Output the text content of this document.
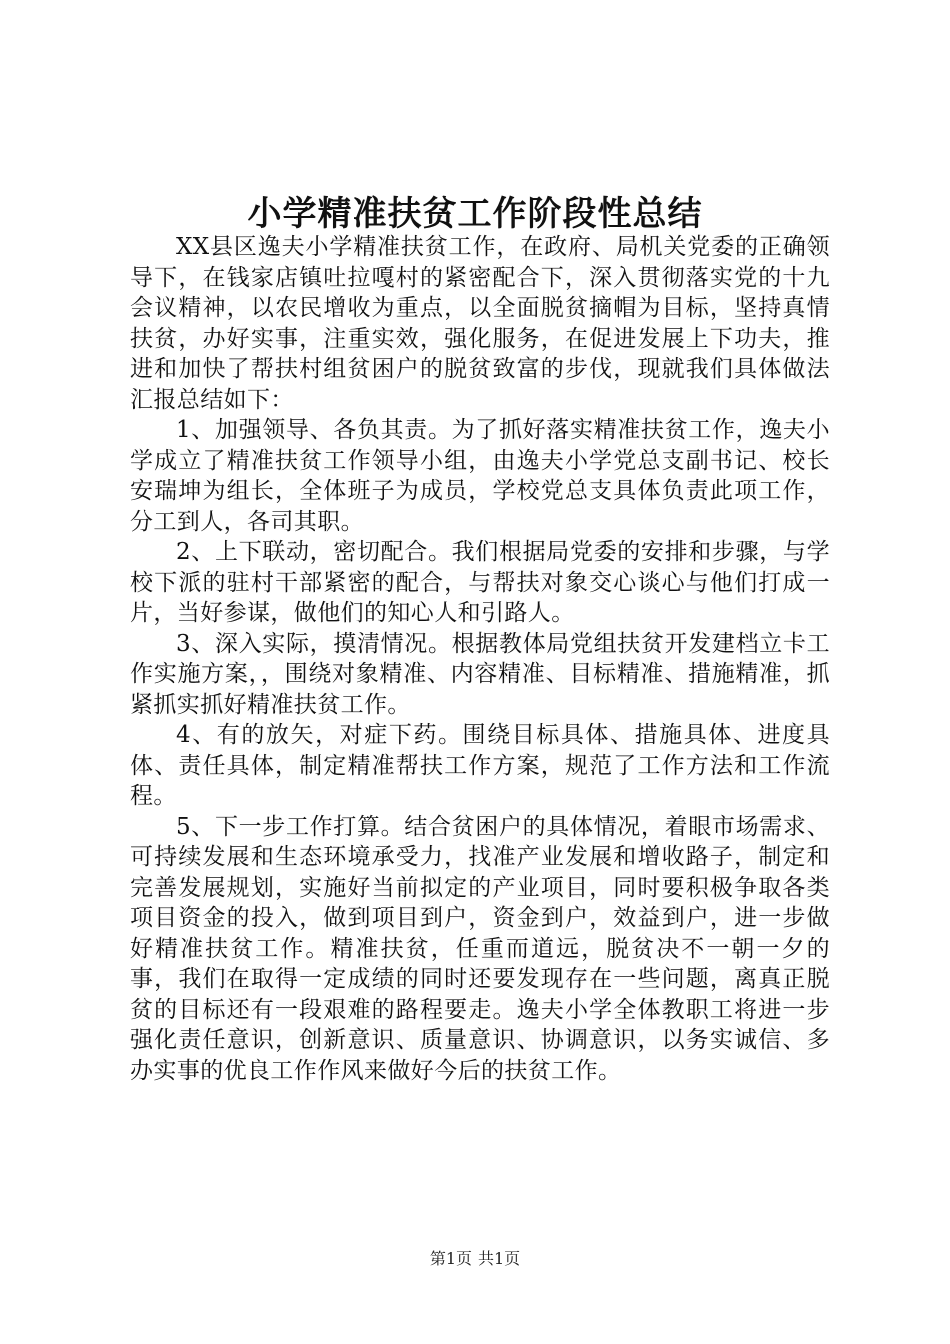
小学精准扶贫工作阶段性总结

XX县区逸夫小学精准扶贫工作，在政府、局机关党委的正确领导下，在钱家店镇吐拉嘎村的紧密配合下，深入贯彻落实党的十九会议精神，以农民增收为重点，以全面脱贫摘帽为目标，坚持真情扶贫，办好实事，注重实效，强化服务，在促进发展上下功夫，推进和加快了帮扶村组贫困户的脱贫致富的步伐，现就我们具体做法汇报总结如下：

1、加强领导、各负其责。为了抓好落实精准扶贫工作，逸夫小学成立了精准扶贫工作领导小组，由逸夫小学党总支副书记、校长安瑞坤为组长，全体班子为成员，学校党总支具体负责此项工作，分工到人，各司其职。

2、上下联动，密切配合。我们根据局党委的安排和步骤，与学校下派的驻村干部紧密的配合，与帮扶对象交心谈心与他们打成一片，当好参谋，做他们的知心人和引路人。

3、深入实际，摸清情况。根据教体局党组扶贫开发建档立卡工作实施方案，，围绕对象精准、内容精准、目标精准、措施精准，抓紧抓实抓好精准扶贫工作。

4、有的放矢，对症下药。围绕目标具体、措施具体、进度具体、责任具体，制定精准帮扶工作方案，规范了工作方法和工作流程。

5、下一步工作打算。结合贫困户的具体情况，着眼市场需求、可持续发展和生态环境承受力，找准产业发展和增收路子，制定和完善发展规划，实施好当前拟定的产业项目，同时要积极争取各类项目资金的投入，做到项目到户，资金到户，效益到户，进一步做好精准扶贫工作。精准扶贫，任重而道远，脱贫决不一朝一夕的事，我们在取得一定成绩的同时还要发现存在一些问题，离真正脱贫的目标还有一段艰难的路程要走。逸夫小学全体教职工将进一步强化责任意识，创新意识、质量意识、协调意识，以务实诚信、多办实事的优良工作作风来做好今后的扶贫工作。

第1页 共1页
